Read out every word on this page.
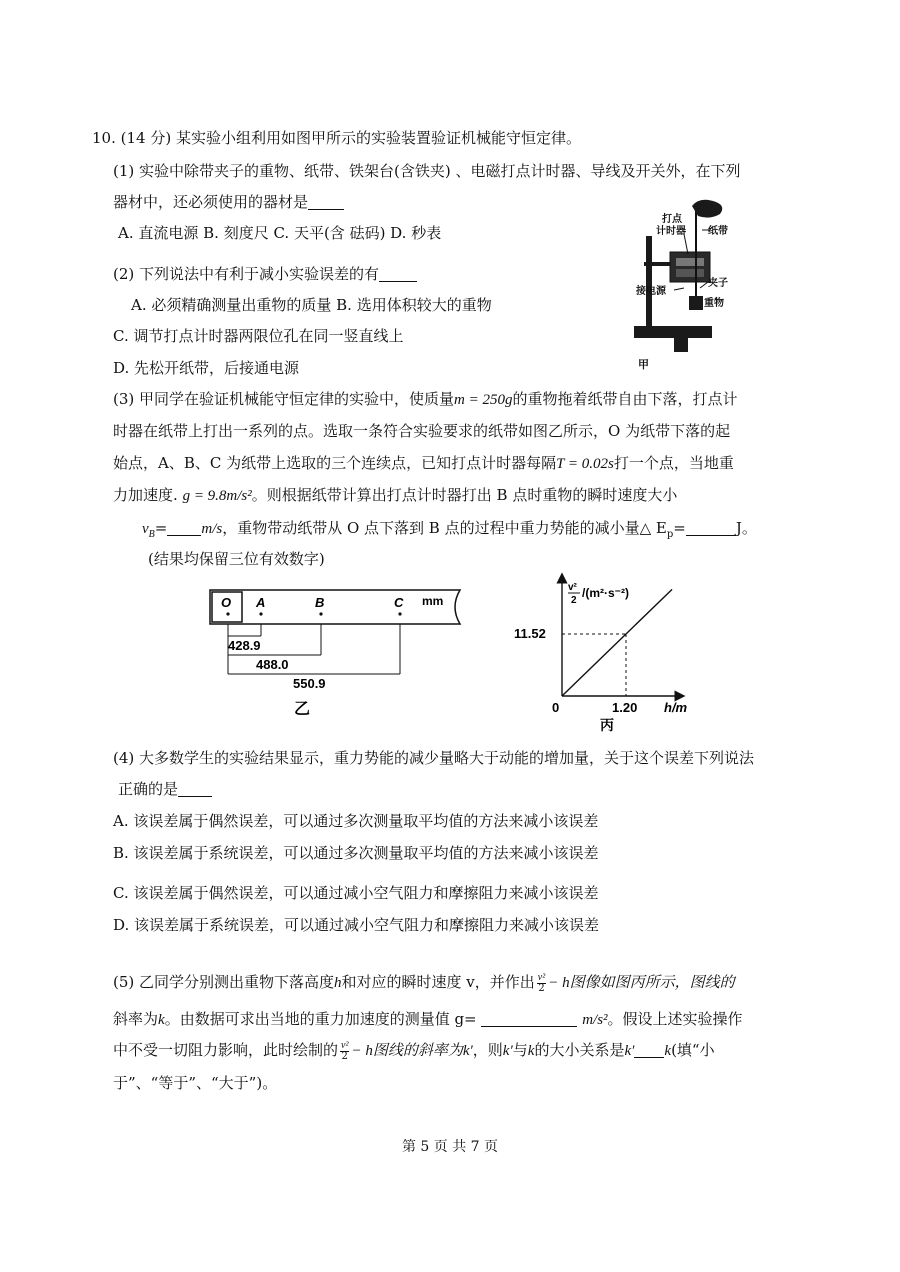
10. (14 分) 某实验小组利用如图甲所示的实验装置验证机械能守恒定律。
(1) 实验中除带夹子的重物、纸带、铁架台(含铁夹) 、电磁打点计时器、导线及开关外，在下列
器材中，还必须使用的器材是
A. 直流电源 B. 刻度尺 C. 天平(含 砝码) D. 秒表
(2) 下列说法中有利于减小实验误差的有
A. 必须精确测量出重物的质量 B. 选用体积较大的重物
C. 调节打点计时器两限位孔在同一竖直线上
D. 先松开纸带，后接通电源
打点
计时器 纸带
接电源
夹子
重物
甲
(3) 甲同学在验证机械能守恒定律的实验中，使质量m = 250g的重物拖着纸带自由下落，打点计
时器在纸带上打出一系列的点。选取一条符合实验要求的纸带如图乙所示，O 为纸带下落的起
始点，A、B、C 为纸带上选取的三个连续点，已知打点计时器每隔T = 0.02s打一个点，当地重
力加速度. g = 9.8m/s²。则根据纸带计算出打点计时器打出 B 点时重物的瞬时速度大小
$v_B= m/s$，重物带动纸带从 O 点下落到 B 点的过程中重力势能的减小量△ $E_p=$	J。
(结果均保留三位有效数字)
O A	B	C mm
428.9
488.0
550.9
乙
v²
2
/(m²·s⁻²)
0
11.52
1.20 h/m
丙
(4) 大多数学生的实验结果显示，重力势能的减少量略大于动能的增加量，关于这个误差下列说法
正确的是
A. 该误差属于偶然误差，可以通过多次测量取平均值的方法来减小该误差
B. 该误差属于系统误差，可以通过多次测量取平均值的方法来减小该误差
C. 该误差属于偶然误差，可以通过减小空气阻力和摩擦阻力来减小该误差
D. 该误差属于系统误差，可以通过减小空气阻力和摩擦阻力来减小该误差
(5) 乙同学分别测出重物下落高度h和对应的瞬时速度 v，并作出 $\frac{\text{v²}}{2} - h$图像如图丙所示，图线的
斜率为k。由数据可求出当地的重力加速度的测量值 g=	m/s²。假设上述实验操作
中不受一切阻力影响，此时绘制的 $\frac{\text{v²}}{2} - h$图线的斜率为k′，则k′与k的大小关系是k′ k(填“小
于”、“等于”、“大于”)。
第 5 页 共 7 页
